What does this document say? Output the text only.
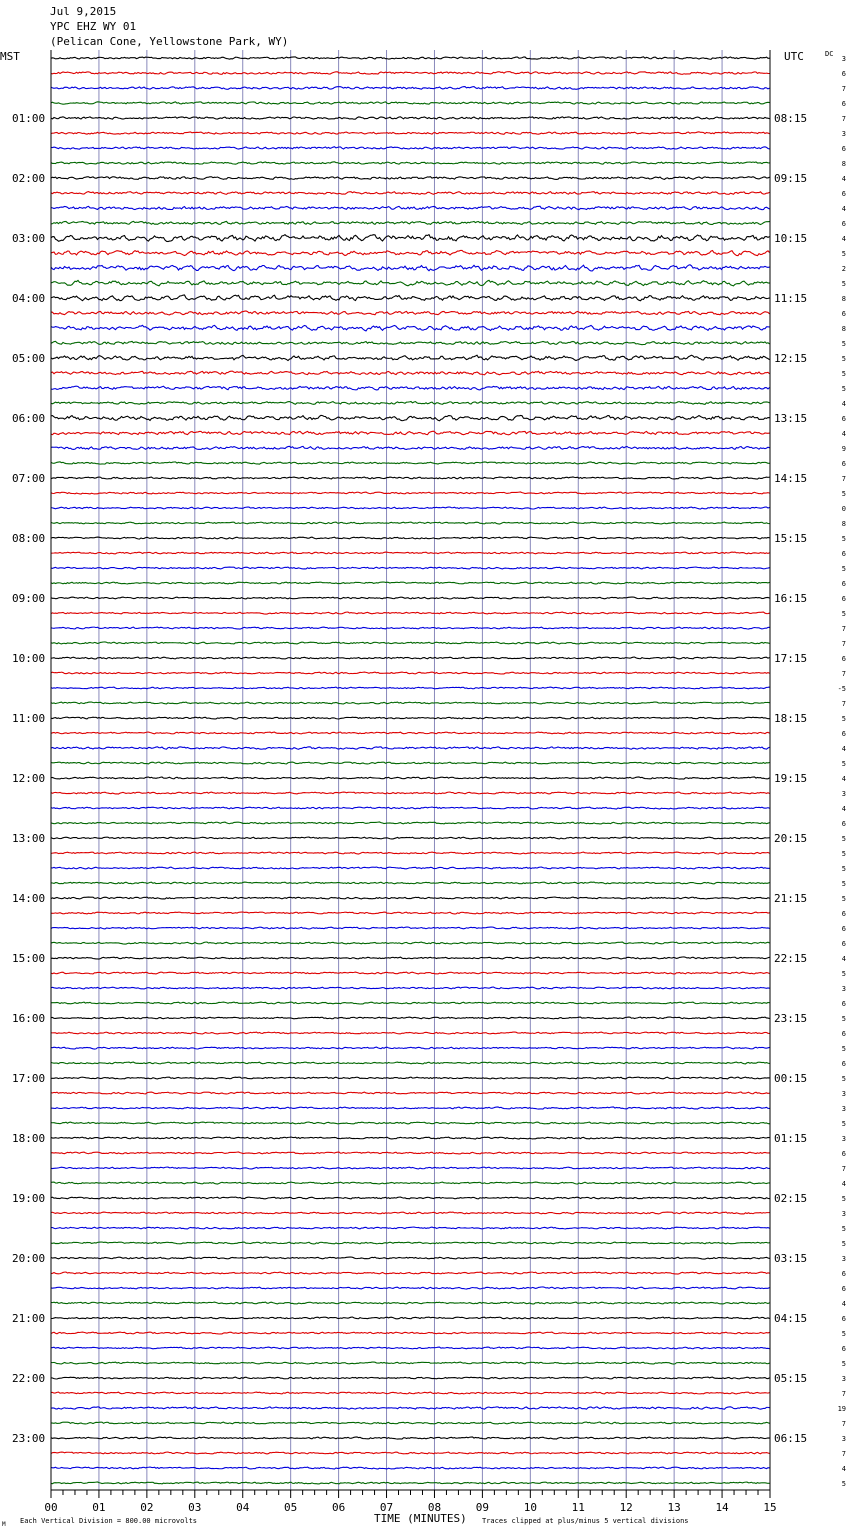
Jul 9,2015
YPC EHZ WY 01
(Pelican Cone, Yellowstone Park, WY)
MST	UTC	DC
TIME (MINUTES)
Each Vertical Division = 800.00 microvolts	Traces clipped at plus/minus 5 vertical divisions
M
00	01	02	03	04	05	06	07	08	09	10	11	12	13	14	15
01:00
02:00
03:00
04:00
05:00
06:00
07:00
08:00
09:00
10:00
11:00
12:00
13:00
14:00
15:00
16:00
17:00
18:00
19:00
20:00
21:00
22:00
23:00
08:15
09:15
10:15
11:15
12:15
13:15
14:15
15:15
16:15
17:15
18:15
19:15
20:15
21:15
22:15
23:15
00:15
01:15
02:15
03:15
04:15
05:15
06:15
3
6
7
6
7
3
6
8
4
6
4
6
4
5
2
5
8
6
8
5
5
5
5
4
6
4
9
6
7
5
0
8
5
6
5
6
6
5
7
7
6
7
-5
7
5
6
4
5
4
3
4
6
5
5
5
5
5
6
6
6
4
5
3
6
5
6
5
6
5
3
3
5
3
6
7
4
5
3
5
5
3
6
6
4
6
5
6
5
3
7
19
7
3
7
4
5
